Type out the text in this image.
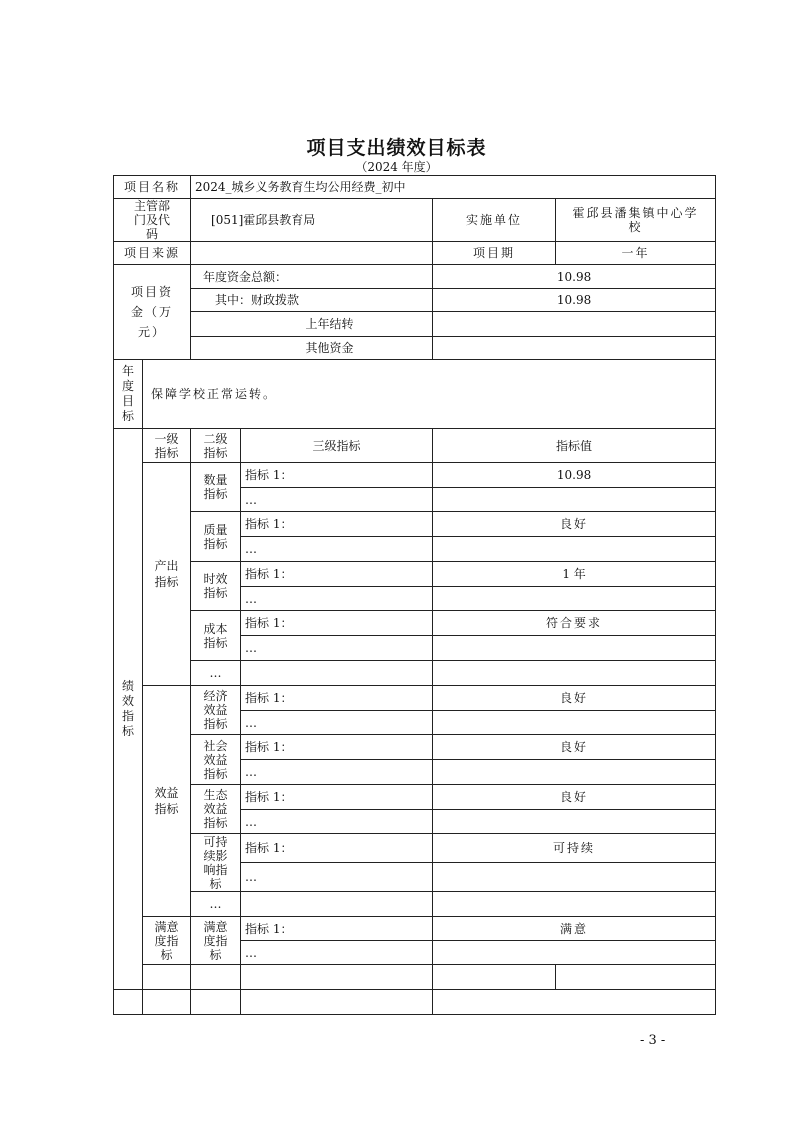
项目支出绩效目标表
（2024 年度）
项目名称		2024_城乡义务教育生均公用经费_初中			
主管部门及代码		[051]霍邱县教育局		实施单位	霍邱县潘集镇中心学校
项目来源				项目期	一年
项目资金（万元）		年度资金总额：		10.98	
		其中：财政拨款		10.98	
		上年结转			
		其他资金			
年度目标	保障学校正常运转。				
绩效指标	一级指标	二级指标	三级指标	指标值	
	产出指标	数量指标	指标 1：	10.98	
			…		
		质量指标	指标 1：	良好	
			…		
		时效指标	指标 1：	1 年	
			…		
		成本指标	指标 1：	符合要求	
			…		
		…			
	效益指标	经济效益指标	指标 1：	良好	
			…		
		社会效益指标	指标 1：	良好	
			…		
		生态效益指标	指标 1：	良好	
			…		
		可持续影响指标	指标 1：	可持续	
			…		
		…			
	满意度指标	满意度指标	指标 1：	满意	
			…		

- 3 -
